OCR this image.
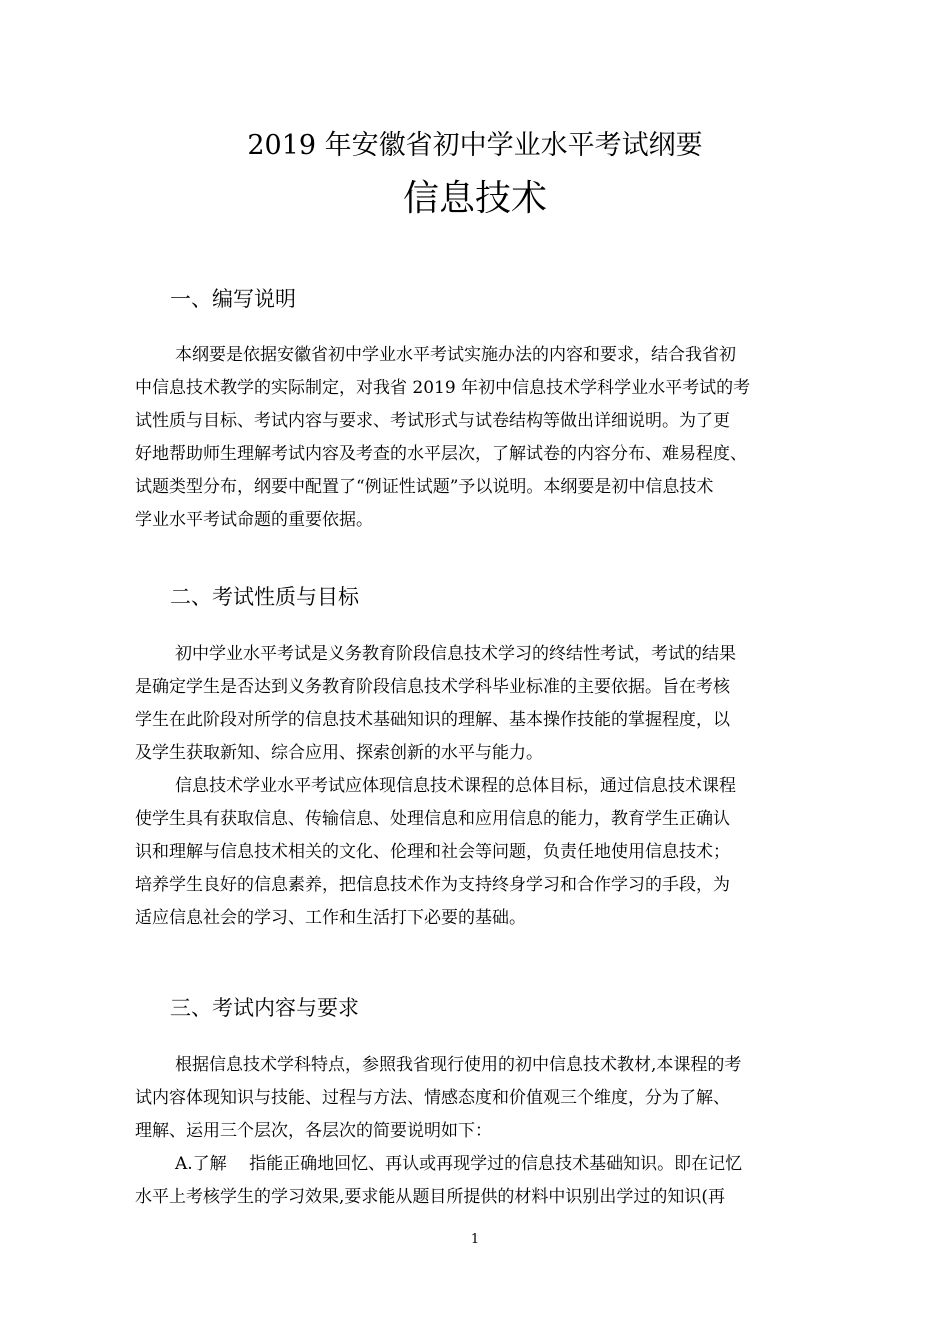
2019 年安徽省初中学业水平考试纲要
信息技术
一、编写说明
本纲要是依据安徽省初中学业水平考试实施办法的内容和要求，结合我省初
中信息技术教学的实际制定，对我省 2019 年初中信息技术学科学业水平考试的考
试性质与目标、考试内容与要求、考试形式与试卷结构等做出详细说明。为了更
好地帮助师生理解考试内容及考查的水平层次，了解试卷的内容分布、难易程度、
试题类型分布，纲要中配置了“例证性试题”予以说明。本纲要是初中信息技术
学业水平考试命题的重要依据。
二、考试性质与目标
初中学业水平考试是义务教育阶段信息技术学习的终结性考试，考试的结果
是确定学生是否达到义务教育阶段信息技术学科毕业标准的主要依据。旨在考核
学生在此阶段对所学的信息技术基础知识的理解、基本操作技能的掌握程度，以
及学生获取新知、综合应用、探索创新的水平与能力。
信息技术学业水平考试应体现信息技术课程的总体目标，通过信息技术课程
使学生具有获取信息、传输信息、处理信息和应用信息的能力，教育学生正确认
识和理解与信息技术相关的文化、伦理和社会等问题，负责任地使用信息技术；
培养学生良好的信息素养，把信息技术作为支持终身学习和合作学习的手段，为
适应信息社会的学习、工作和生活打下必要的基础。
三、考试内容与要求
根据信息技术学科特点，参照我省现行使用的初中信息技术教材,本课程的考
试内容体现知识与技能、过程与方法、情感态度和价值观三个维度，分为了解、
理解、运用三个层次，各层次的简要说明如下：
A.了解　 指能正确地回忆、再认或再现学过的信息技术基础知识。即在记忆
水平上考核学生的学习效果,要求能从题目所提供的材料中识别出学过的知识(再
1
